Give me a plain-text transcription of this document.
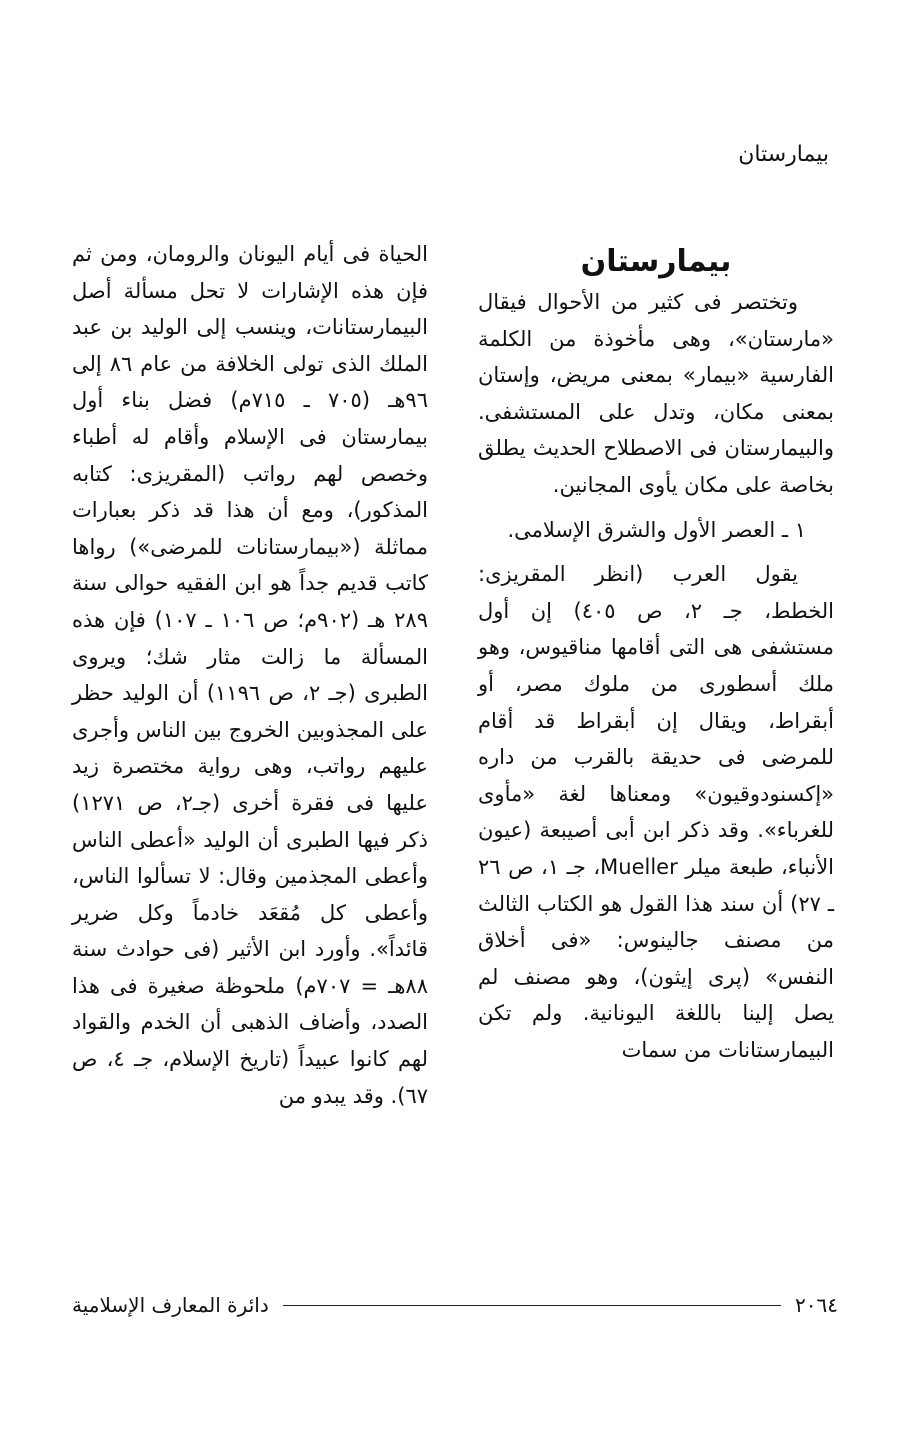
بيمارستان

بيمارستان

وتختصر فى كثير من الأحوال فيقال «مارستان»، وهى مأخوذة من الكلمة الفارسية «بيمار» بمعنى مريض، وإستان بمعنى مكان، وتدل على المستشفى. والبيمارستان فى الاصطلاح الحديث يطلق بخاصة على مكان يأوى المجانين.

١ ـ العصر الأول والشرق الإسلامى.

يقول العرب (انظر المقريزى: الخطط، جـ ٢، ص ٤٠٥) إن أول مستشفى هى التى أقامها مناقيوس، وهو ملك أسطورى من ملوك مصر، أو أبقراط، ويقال إن أبقراط قد أقام للمرضى فى حديقة بالقرب من داره «إكسنودوقيون» ومعناها لغة «مأوى للغرباء». وقد ذكر ابن أبى أصيبعة (عيون الأنباء، طبعة ميلر Mueller، جـ ١، ص ٢٦ ـ ٢٧) أن سند هذا القول هو الكتاب الثالث من مصنف جالينوس: «فى أخلاق النفس» (پرى إيثون)، وهو مصنف لم يصل إلينا باللغة اليونانية. ولم تكن البيمارستانات من سمات

الحياة فى أيام اليونان والرومان، ومن ثم فإن هذه الإشارات لا تحل مسألة أصل البيمارستانات، وينسب إلى الوليد بن عبد الملك الذى تولى الخلافة من عام ٨٦ إلى ٩٦هـ (٧٠٥ ـ ٧١٥م) فضل بناء أول بيمارستان فى الإسلام وأقام له أطباء وخصص لهم رواتب (المقريزى: كتابه المذكور)، ومع أن هذا قد ذكر بعبارات مماثلة («بيمارستانات للمرضى») رواها كاتب قديم جداً هو ابن الفقيه حوالى سنة ٢٨٩ هـ (٩٠٢م؛ ص ١٠٦ ـ ١٠٧) فإن هذه المسألة ما زالت مثار شك؛ ويروى الطبرى (جـ ٢، ص ١١٩٦) أن الوليد حظر على المجذوبين الخروج بين الناس وأجرى عليهم رواتب، وهى رواية مختصرة زيد عليها فى فقرة أخرى (جـ٢، ص ١٢٧١) ذكر فيها الطبرى أن الوليد «أعطى الناس وأعطى المجذمين وقال: لا تسألوا الناس، وأعطى كل مُقعَد خادماً وكل ضرير قائداً». وأورد ابن الأثير (فى حوادث سنة ٨٨هـ = ٧٠٧م) ملحوظة صغيرة فى هذا الصدد، وأضاف الذهبى أن الخدم والقواد لهم كانوا عبيداً (تاريخ الإسلام، جـ ٤، ص ٦٧). وقد يبدو من

٢٠٦٤
دائرة المعارف الإسلامية
